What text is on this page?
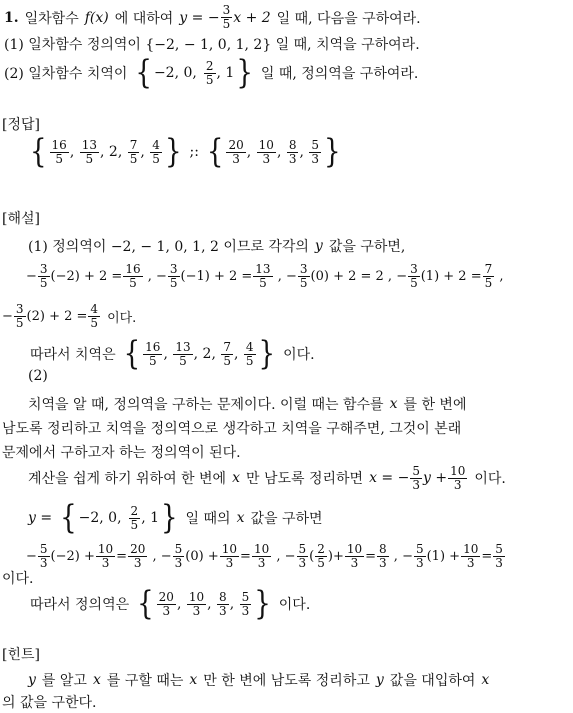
1. 일차함수 f(x) 에 대하여 y = − $\frac{3}{5}$ x + 2 일 때, 다음을 구하여라.
(1) 일차함수 정의역이 {−2, − 1, 0, 1, 2} 일 때, 치역을 구하여라.
(2) 일차함수 치역이 { −2, 0, $\frac{2}{5}$ , 1 } 일 때, 정의역을 구하여라.
[정답]
{ $\frac{16}{5}$ , $\frac{13}{5}$ , 2 , $\frac{7}{5}$ , $\frac{4}{5}$ } ;: { $\frac{20}{3}$ , $\frac{10}{3}$ , $\frac{8}{3}$ , $\frac{5}{3}$ }
[해설]
(1) 정의역이 −2, − 1, 0, 1, 2 이므로 각각의 y 값을 구하면,
− $\frac{3}{5} (-2) + 2 = \frac{16}{5}$ , − $\frac{3}{5} (-1) + 2 = \frac{13}{5}$ , − $\frac{3}{5} (0) + 2 = 2$ , − $\frac{3}{5} (1) + 2 = \frac{7}{5}$ ,
− $\frac{3}{5} (2) + 2 = \frac{4}{5}$ 이다.
따라서 치역은 { $\frac{16}{5}$ , $\frac{13}{5}$ , 2 , $\frac{7}{5}$ , $\frac{4}{5}$ } 이다.
(2)
치역을 알 때, 정의역을 구하는 문제이다. 이럴 때는 함수를 x 를 한 변에
남도록 정리하고 치역을 정의역으로 생각하고 치역을 구해주면, 그것이 본래
문제에서 구하고자 하는 정의역이 된다.
계산을 쉽게 하기 위하여 한 변에 x 만 남도록 정리하면 x = − $\frac{5}{3}$ $y + \frac{10}{3}$ 이다.
y = { −2, 0, $\frac{2}{5}$ , 1 } 일 때의 x 값을 구하면
− $\frac{5}{3} (-2) + \frac{10}{3} = \frac{20}{3}$ , − $\frac{5}{3} (0) + \frac{10}{3} = \frac{10}{3}$ , − $\frac{5}{3}$ ( $\frac{2}{5}$ )+ $\frac{10}{3} = \frac{8}{3}$ , − $\frac{5}{3} (1) + \frac{10}{3} = \frac{5}{3}$
이다.
따라서 정의역은 { $\frac{20}{3}$ , $\frac{10}{3}$ , $\frac{8}{3}$ , $\frac{5}{3}$ } 이다.
[힌트]
y 를 알고 x 를 구할 때는 x 만 한 변에 남도록 정리하고 y 값을 대입하여 x
의 값을 구한다.
